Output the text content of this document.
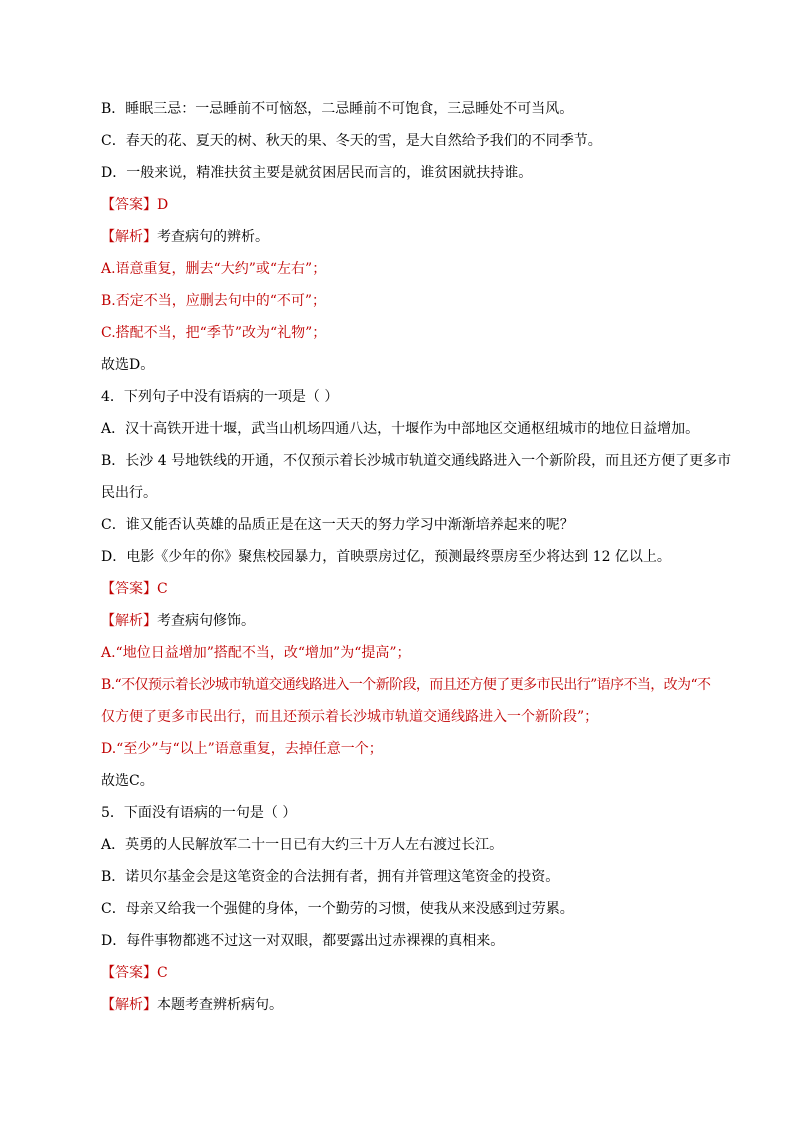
B．睡眠三忌：一忌睡前不可恼怒，二忌睡前不可饱食，三忌睡处不可当风。
C．春天的花、夏天的树、秋天的果、冬天的雪，是大自然给予我们的不同季节。
D．一般来说，精准扶贫主要是就贫困居民而言的，谁贫困就扶持谁。
【答案】D
【解析】考查病句的辨析。
A.语意重复，删去“大约”或“左右”；
B.否定不当，应删去句中的“不可”；
C.搭配不当，把“季节”改为“礼物”；
故选D。
4．下列句子中没有语病的一项是（ ）
A．汉十高铁开进十堰，武当山机场四通八达，十堰作为中部地区交通枢纽城市的地位日益增加。
B．长沙 4 号地铁线的开通，不仅预示着长沙城市轨道交通线路进入一个新阶段，而且还方便了更多市
民出行。
C．谁又能否认英雄的品质正是在这一天天的努力学习中渐渐培养起来的呢？
D．电影《少年的你》聚焦校园暴力，首映票房过亿，预测最终票房至少将达到 12 亿以上。
【答案】C
【解析】考查病句修饰。
A.“地位日益增加”搭配不当，改“增加”为“提高”；
B.“不仅预示着长沙城市轨道交通线路进入一个新阶段，而且还方便了更多市民出行”语序不当，改为“不
仅方便了更多市民出行，而且还预示着长沙城市轨道交通线路进入一个新阶段”；
D.“至少”与“以上”语意重复，去掉任意一个；
故选C。
5．下面没有语病的一句是（ ）
A．英勇的人民解放军二十一日已有大约三十万人左右渡过长江。
B．诺贝尔基金会是这笔资金的合法拥有者，拥有并管理这笔资金的投资。
C．母亲又给我一个强健的身体，一个勤劳的习惯，使我从来没感到过劳累。
D．每件事物都逃不过这一对双眼，都要露出过赤裸裸的真相来。
【答案】C
【解析】本题考查辨析病句。
